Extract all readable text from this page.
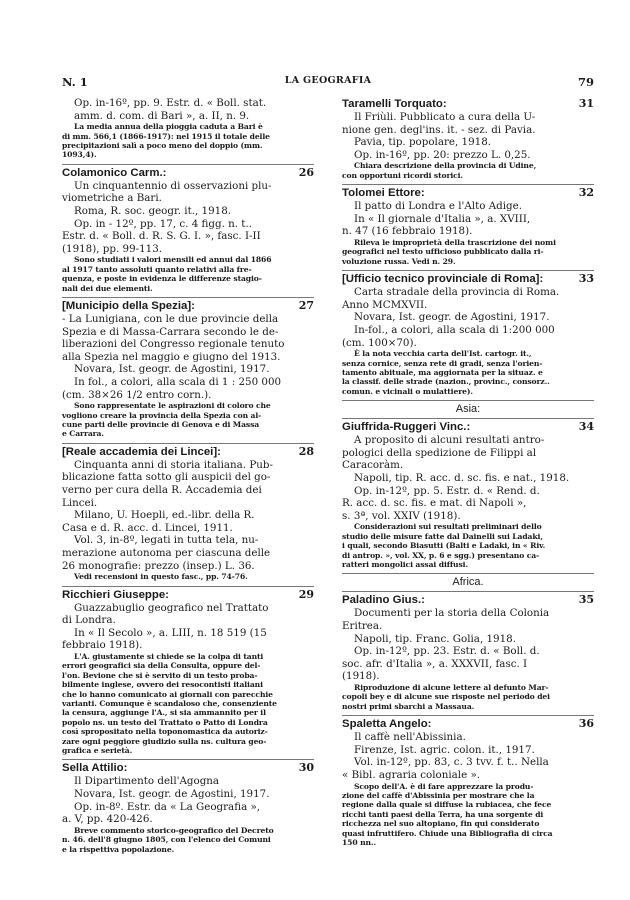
N. 1	LA GEOGRAFIA	79
Op. in-16º, pp. 9. Estr. d. « Boll. stat.
amm. d. com. di Bari », a. II, n. 9.
La media annua della pioggia caduta a Bari è
di mm. 566,1 (1866-1917): nel 1915 il totale delle
precipitazioni salì a poco meno del doppio (mm.
1093,4).
Colamonico Carm.:	26
Un cinquantennio di osservazioni plu-
viometriche a Bari.
Roma, R. soc. geogr. it., 1918.
Op. in - 12º, pp. 17, c. 4 figg. n. t..
Estr. d. « Boll. d. R. S. G. I. », fasc. I-II
(1918), pp. 99-113.
Sono studiati i valori mensili ed annui dal 1866
al 1917 tanto assoluti quanto relativi alla fre-
quenza, e poste in evidenza le differenze stagio-
nali dei due elementi.
[Municipio della Spezia]:	27
- La Lunigiana, con le due provincie della
Spezia e di Massa-Carrara secondo le de-
liberazioni del Congresso regionale tenuto
alla Spezia nel maggio e giugno del 1913.
Novara, Ist. geogr. de Agostini, 1917.
In fol., a colori, alla scala di 1 : 250 000
(cm. 38×26 1/2 entro corn.).
Sono rappresentate le aspirazioni di coloro che
vogliono creare la provincia della Spezia con al-
cune parti delle provincie di Genova e di Massa
e Carrara.
[Reale accademia dei Lincei]:	28
Cinquanta anni di storia italiana. Pub-
blicazione fatta sotto gli auspicii del go-
verno per cura della R. Accademia dei
Lincei.
Milano, U. Hoepli, ed.-libr. della R.
Casa e d. R. acc. d. Lincei, 1911.
Vol. 3, in-8º, legati in tutta tela, nu-
merazione autonoma per ciascuna delle
26 monografie: prezzo (insep.) L. 36.
Vedi recensioni in questo fasc., pp. 74-76.
Ricchieri Giuseppe:	29
Guazzabuglio geografico nel Trattato
di Londra.
In « Il Secolo », a. LIII, n. 18 519 (15
febbraio 1918).
L'A. giustamente si chiede se la colpa di tanti
errori geografici sia della Consulta, oppure del-
l'on. Bevione che si è servito di un testo proba-
bilmente inglese, ovvero dei resocontisti italiani
che lo hanno comunicato ai giornali con parecchie
varianti. Comunque è scandaloso che, consenziente
la censura, aggiunge l'A., si sia ammannito per il
popolo ns. un testo del Trattato o Patto di Londra
così spropositato nella toponomastica da autoriz-
zare ogni peggiore giudizio sulla ns. cultura geo-
grafica e serietà.
Sella Attilio:	30
Il Dipartimento dell'Agogna
Novara, Ist. geogr. de Agostini, 1917.
Op. in-8º. Estr. da « La Geografia »,
a. V, pp. 420-426.
Breve commento storico-geografico del Decreto
n. 46. dell'8 giugno 1805, con l'elenco dei Comuni
e la rispettiva popolazione.
Taramelli Torquato:	31
Il Friùli. Pubblicato a cura della U-
nione gen. degl'ins. it. - sez. di Pavia.
Pavia, tip. popolare, 1918.
Op. in-16º, pp. 20: prezzo L. 0,25.
Chiara descrizione della provincia di Udine,
con opportuni ricordi storici.
Tolomei Ettore:	32
Il patto di Londra e l'Alto Adige.
In « Il giornale d'Italia », a. XVIII,
n. 47 (16 febbraio 1918).
Rileva le improprietà della trascrizione dei nomi
geografici nel testo ufficioso pubblicato dalla ri-
voluzione russa. Vedi n. 29.
[Ufficio tecnico provinciale di Roma]:	33
Carta stradale della provincia di Roma.
Anno MCMXVII.
Novara, Ist. geogr. de Agostini, 1917.
In-fol., a colori, alla scala di 1:200 000
(cm. 100×70).
È la nota vecchia carta dell'Ist. cartogr. it.,
senza cornice, senza rete di gradi, senza l'orien-
tamento abituale, ma aggiornata per la situaz. e
la classif. delle strade (nazion., provinc., consorz..
comun. e vicinali o mulattiere).
Asia:
Giuffrida-Ruggeri Vinc.:	34
A proposito di alcuni resultati antro-
pologici della spedizione de Filippi al
Caracoràm.
Napoli, tip. R. acc. d. sc. fis. e nat., 1918.
Op. in-12º, pp. 5. Estr. d. « Rend. d.
R. acc. d. sc. fis. e mat. di Napoli »,
s. 3ª, vol. XXIV (1918).
Considerazioni sui resultati preliminari dello
studio delle misure fatte dal Dainelli sui Ladaki,
i quali, secondo Biasutti (Balti e Ladaki, in « Riv.
di antrop. », vol. XX, p. 6 e sgg.) presentano ca-
ratteri mongolici assai diffusi.
Africa.
Paladino Gius.:	35
Documenti per la storia della Colonia
Eritrea.
Napoli, tip. Franc. Golia, 1918.
Op. in-12º, pp. 23. Estr. d. « Boll. d.
soc. afr. d'Italia », a. XXXVII, fasc. I
(1918).
Riproduzione di alcune lettere al defunto Mar-
copoli bey e di alcune sue risposte nel periodo dei
nostri primi sbarchi a Massaua.
Spaletta Angelo:	36
Il caffè nell'Abissinia.
Firenze, Ist. agric. colon. it., 1917.
Vol. in-12º, pp. 83, c. 3 tvv. f. t.. Nella
« Bibl. agraria coloniale ».
Scopo dell'A. è di fare apprezzare la produ-
zione del caffè d'Abissinia per mostrare che la
regione dalla quale si diffuse la rubiacea, che fece
ricchi tanti paesi della Terra, ha una sorgente di
ricchezza nel suo altopiano, fin qui considerato
quasi infruttifero. Chiude una Bibliografia di circa
150 nn..
